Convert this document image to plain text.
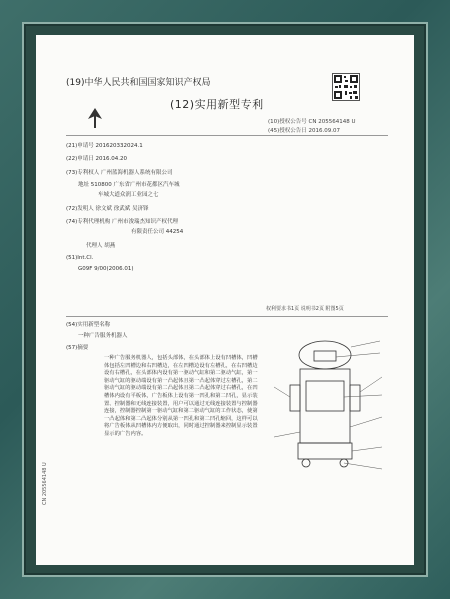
(19)中华人民共和国国家知识产权局
(12)实用新型专利
(10)授权公告号 CN 205564148 U
(45)授权公告日 2016.09.07
(21)申请号 201620332024.1
(22)申请日 2016.04.20
(73)专利权人 广州蓝海机器人系统有限公司
地址 510800 广东省广州市花都区汽车城
车城大道众润工业园之七
(72)发明人 徐文斌 徐武斌 吴济锋
(74)专利代理机构 广州市浚瑞杰知识产权代理
有限责任公司 44254
代理人 胡燕
(51)Int.Cl.
G09F 9/00(2006.01)
权利要求书1页 说明书2页 附图5页
(54)实用新型名称
一种广告服务机器人
(57)摘要
一种广告服务机器人，包括头部体，在头部体上设有凹槽体，凹槽体包括左凹槽边和右凹槽边，在左凹槽边设有左槽孔，在右凹槽边设有右槽孔，在头部体内设有第一驱动气缸和第二驱动气缸，第一驱动气缸的驱动端设有第一凸起体且第一凸起体穿过左槽孔，第二驱动气缸的驱动端设有第二凸起体且第二凸起体穿过右槽孔，在凹槽体内设有平板体，广告板体上设有第一凹孔和第二凹孔，显示装置、控制器和无线连接装置，用户可以通过无线连接装置与控制器连接，控制器控制第一驱动气缸和第二驱动气缸的工作状态，使第一凸起体和第二凸起体分别从第一凹孔和第二凹孔缩回，这样可以将广告板体从凹槽体内方便取出，同时通过控制器来控制显示装置显示的广告内容。
CN 205564148 U
